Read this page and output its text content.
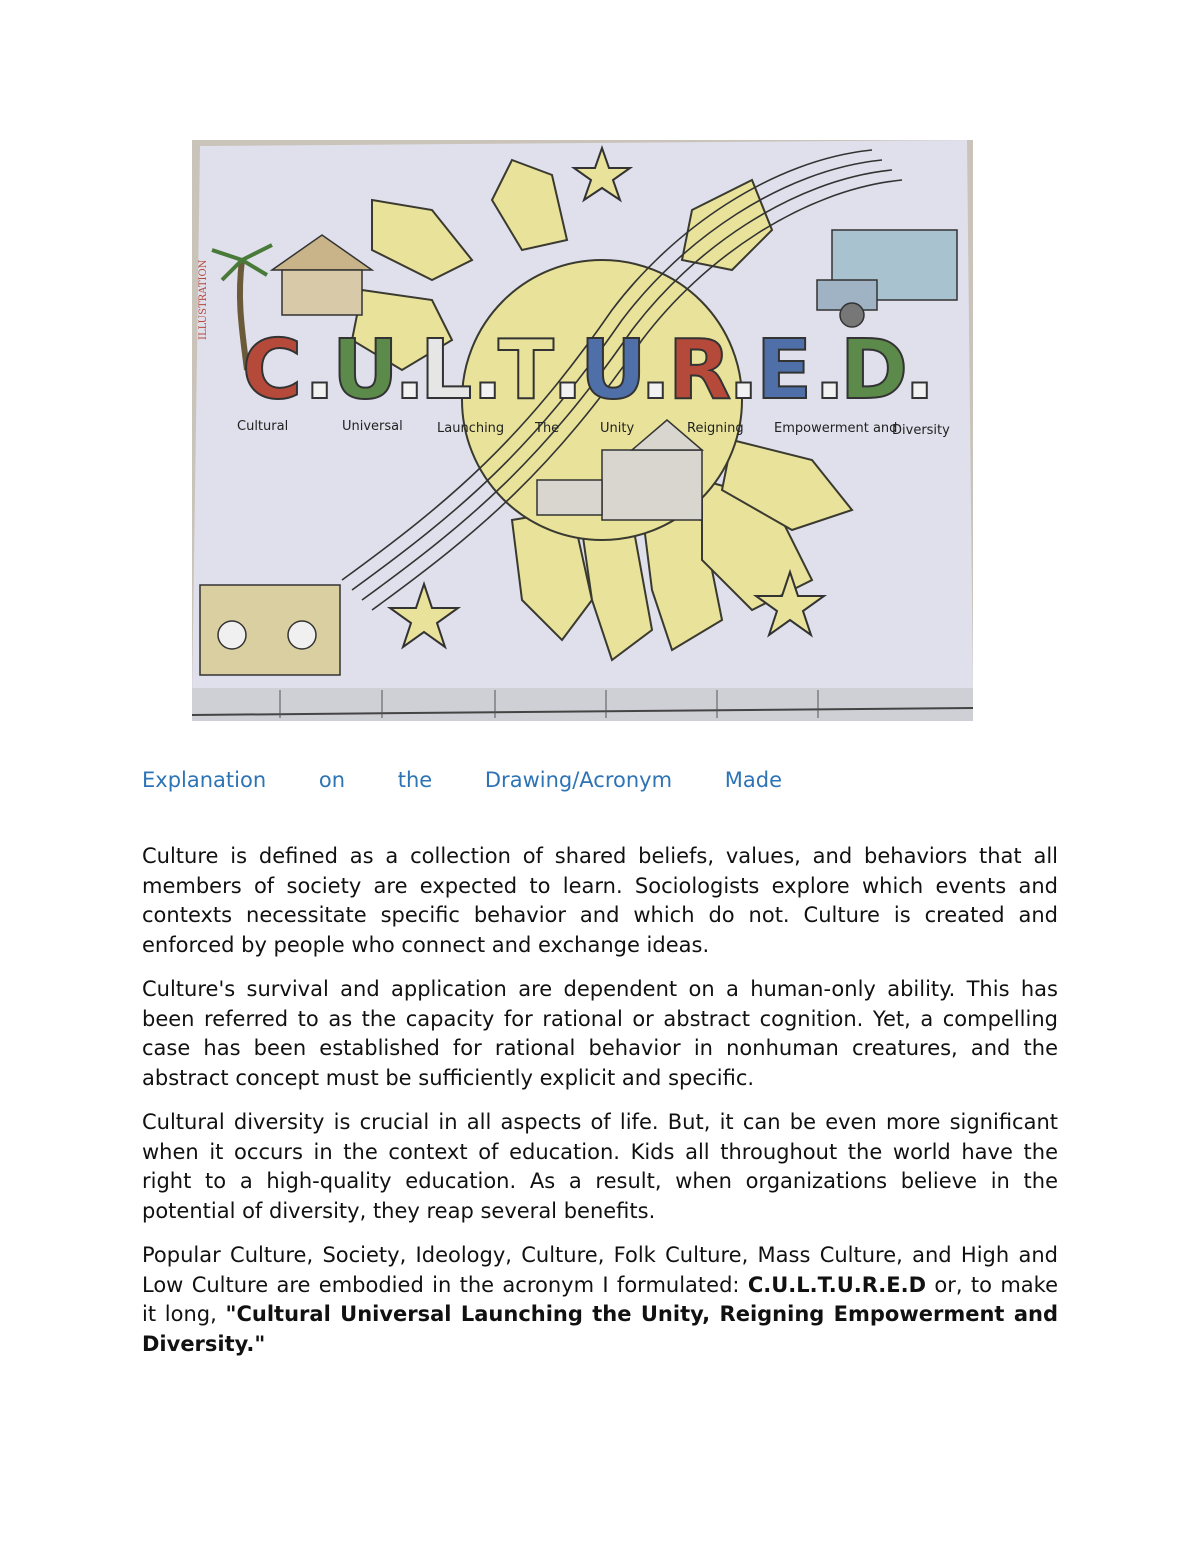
C .
U
.
L .
T
.
U
.
R
.
E .
D
.
Cultural	Universal	Launching The	Unity	Reigning Empowerment and
Diversity
ILLUSTRATION
Explanation	on	the	Drawing/Acronym	Made

Culture is defined as a collection of shared beliefs, values, and behaviors that all members of society are expected to learn. Sociologists explore which events and contexts necessitate specific behavior and which do not. Culture is created and enforced by people who connect and exchange ideas.

Culture's survival and application are dependent on a human-only ability. This has been referred to as the capacity for rational or abstract cognition. Yet, a compelling case has been established for rational behavior in nonhuman creatures, and the abstract concept must be sufficiently explicit and specific.

Cultural diversity is crucial in all aspects of life. But, it can be even more significant when it occurs in the context of education. Kids all throughout the world have the right to a high-quality education. As a result, when organizations believe in the potential of diversity, they reap several benefits.

Popular Culture, Society, Ideology, Culture, Folk Culture, Mass Culture, and High and Low Culture are embodied in the acronym I formulated: C.U.L.T.U.R.E.D or, to make it long, "Cultural Universal Launching the Unity, Reigning Empowerment and Diversity."
